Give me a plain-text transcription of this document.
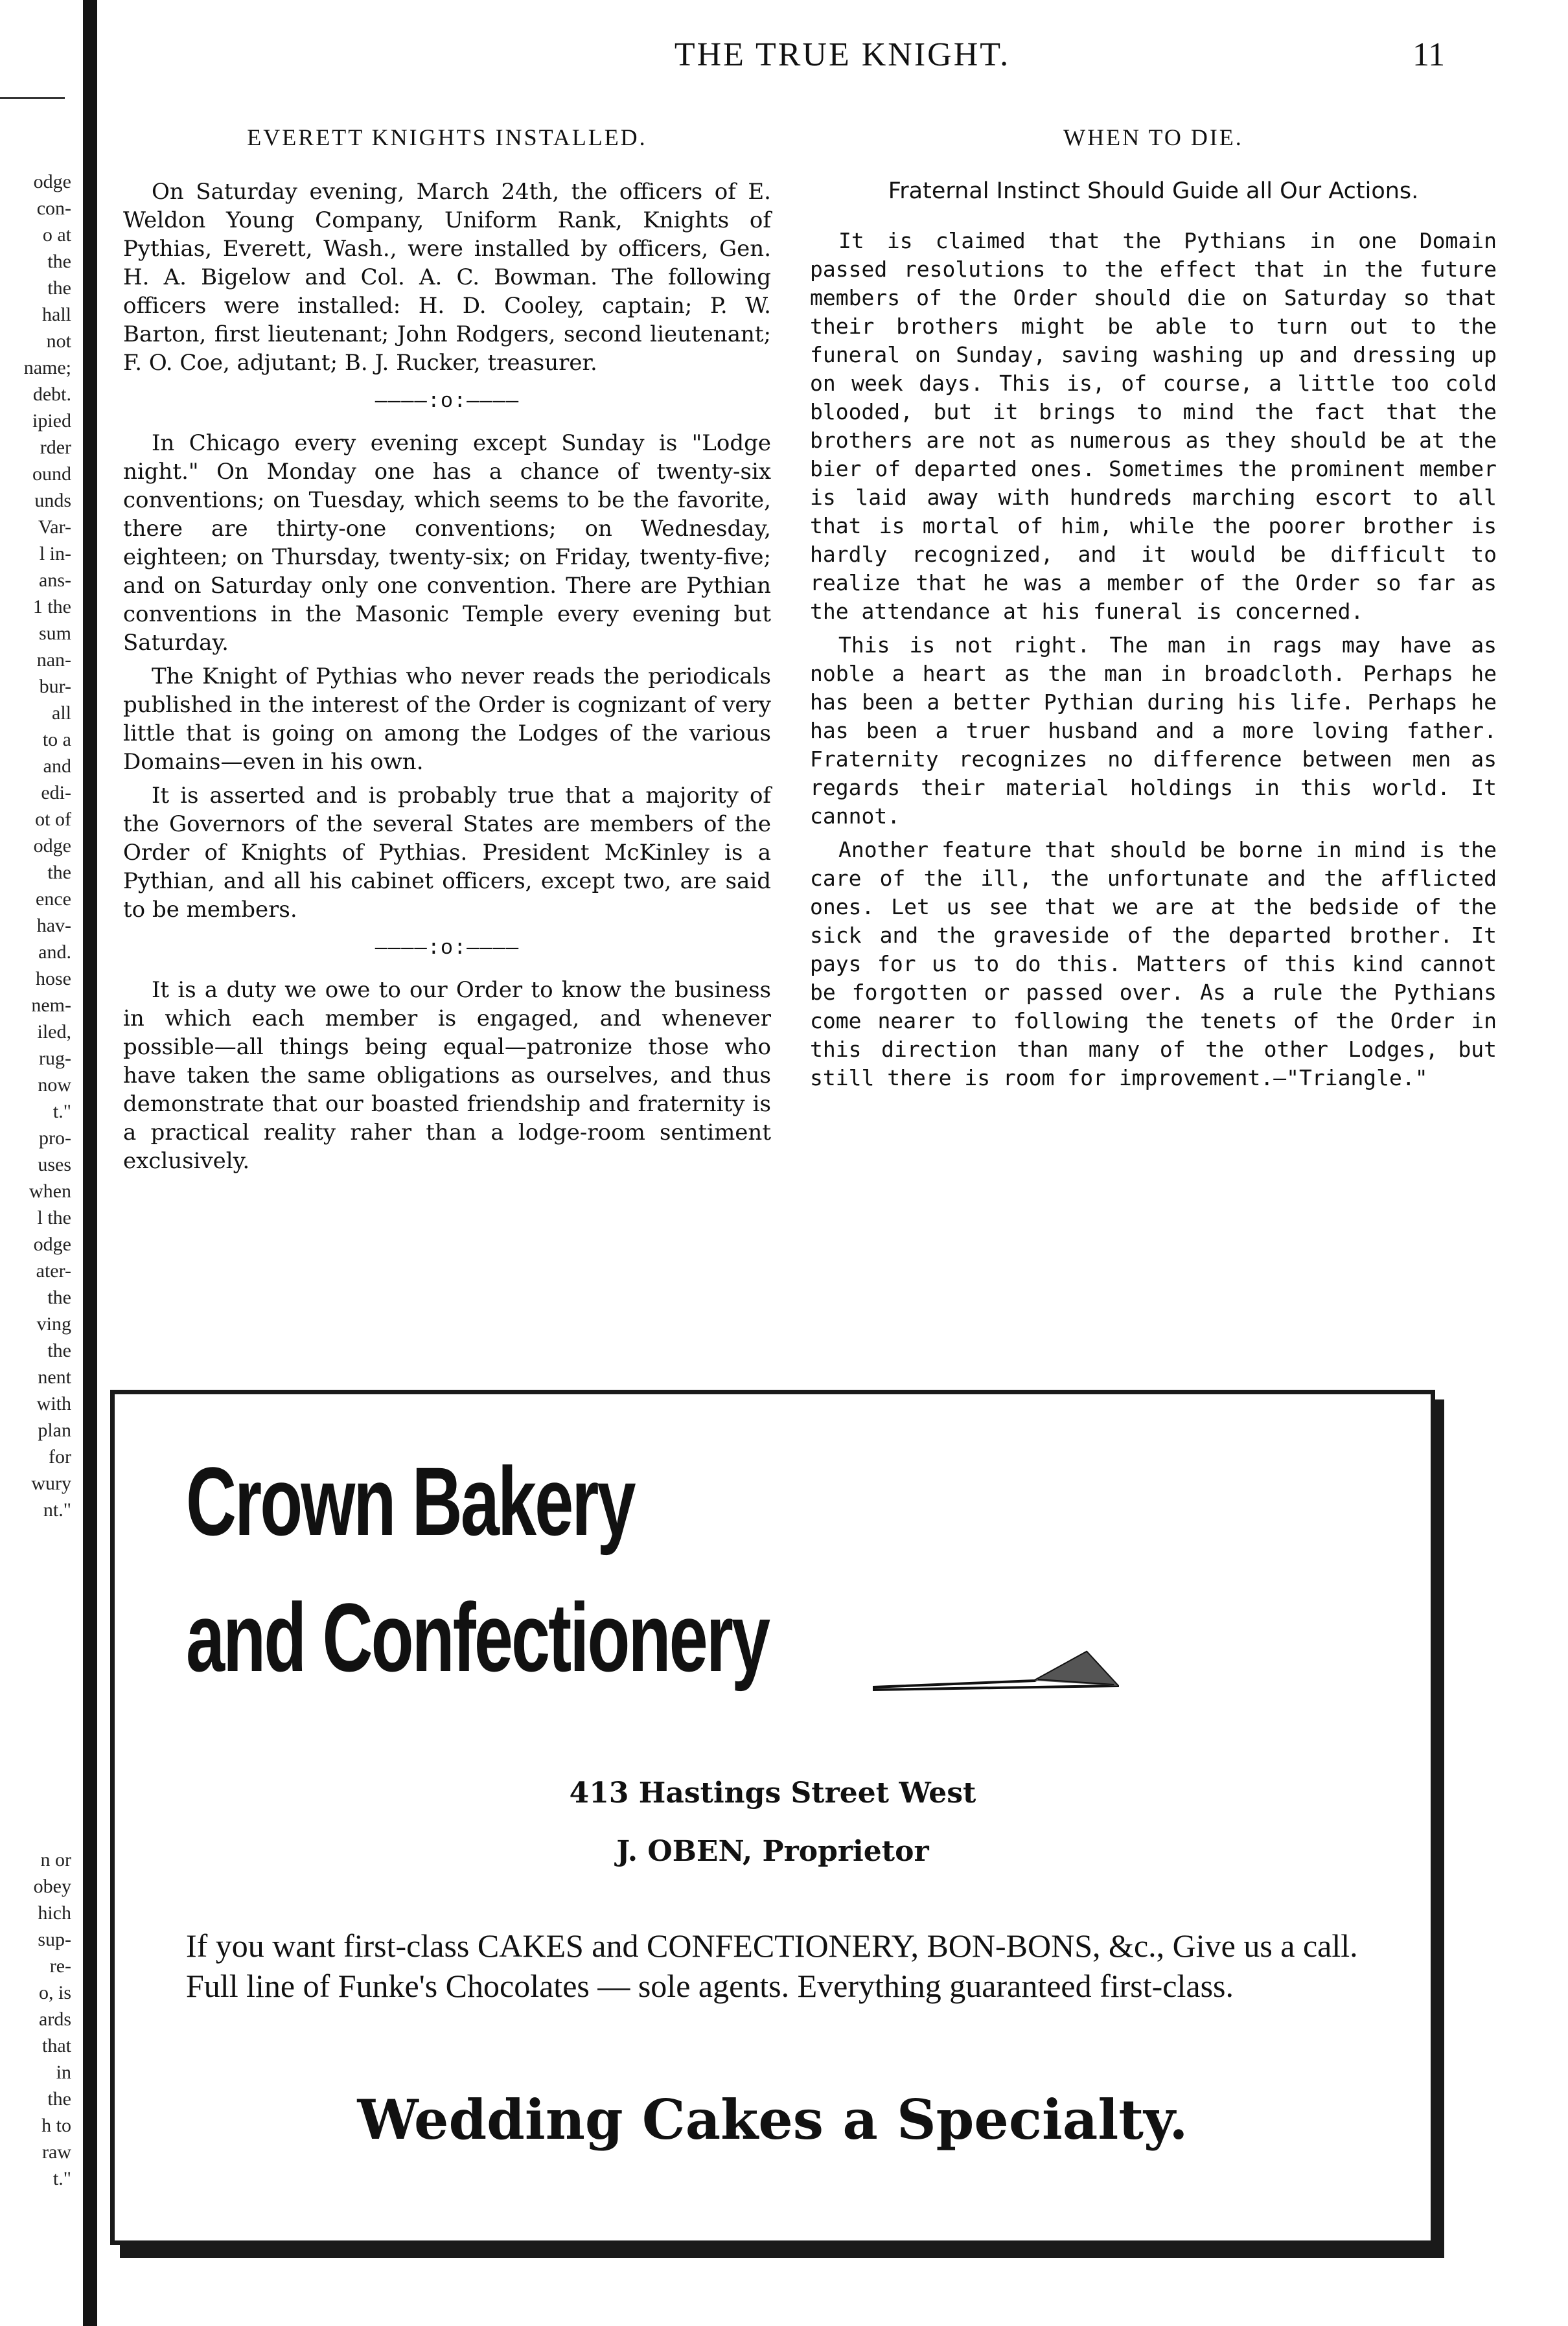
odge
con-
o at
the
the
hall
not
name;
debt.
ipied
rder
ound
unds
Var-
l in-
ans-
1 the
sum
nan-
bur-
all
to a
and
edi-
ot of
odge
the
ence
hav-
and.
hose
nem-
iled,
rug-
now
t."
pro-
uses
when
l the
odge
ater-
the
ving
the
nent
with
plan
for
wury
nt."
n or
obey
hich
sup-
re-
o, is
ards
that
in
the
h to
raw
t."
THE TRUE KNIGHT.	11
EVERETT KNIGHTS INSTALLED.

On Saturday evening, March 24th, the officers of E. Weldon Young Company, Uniform Rank, Knights of Pythias, Everett, Wash., were installed by officers, Gen. H. A. Bigelow and Col. A. C. Bowman. The following officers were installed: H. D. Cooley, captain; P. W. Barton, first lieutenant; John Rodgers, second lieutenant; F. O. Coe, adjutant; B. J. Rucker, treasurer.

————:o:————

In Chicago every evening except Sunday is "Lodge night." On Monday one has a chance of twenty-six conventions; on Tuesday, which seems to be the favorite, there are thirty-one conventions; on Wednesday, eighteen; on Thursday, twenty-six; on Friday, twenty-five; and on Saturday only one convention. There are Pythian conventions in the Masonic Temple every evening but Saturday.

The Knight of Pythias who never reads the periodicals published in the interest of the Order is cognizant of very little that is going on among the Lodges of the various Domains—even in his own.

It is asserted and is probably true that a majority of the Governors of the several States are members of the Order of Knights of Pythias. President McKinley is a Pythian, and all his cabinet officers, except two, are said to be members.

————:o:————

It is a duty we owe to our Order to know the business in which each member is engaged, and whenever possible—all things being equal—patronize those who have taken the same obligations as ourselves, and thus demonstrate that our boasted friendship and fraternity is a practical reality raher than a lodge-room sentiment exclusively.

WHEN TO DIE.
Fraternal Instinct Should Guide all Our Actions.

It is claimed that the Pythians in one Domain passed resolutions to the effect that in the future members of the Order should die on Saturday so that their brothers might be able to turn out to the funeral on Sunday, saving washing up and dressing up on week days. This is, of course, a little too cold blooded, but it brings to mind the fact that the brothers are not as numerous as they should be at the bier of departed ones. Sometimes the prominent member is laid away with hundreds marching escort to all that is mortal of him, while the poorer brother is hardly recognized, and it would be difficult to realize that he was a member of the Order so far as the attendance at his funeral is concerned.

This is not right. The man in rags may have as noble a heart as the man in broadcloth. Perhaps he has been a better Pythian during his life. Perhaps he has been a truer husband and a more loving father. Fraternity recognizes no difference between men as regards their material holdings in this world. It cannot.

Another feature that should be borne in mind is the care of the ill, the unfortunate and the afflicted ones. Let us see that we are at the bedside of the sick and the graveside of the departed brother. It pays for us to do this. Matters of this kind cannot be forgotten or passed over. As a rule the Pythians come nearer to following the tenets of the Order in this direction than many of the other Lodges, but still there is room for improvement.—"Triangle."

Crown Bakery
and Confectionery
413 Hastings Street West
J. OBEN, Proprietor
If you want first-class CAKES and CONFECTIONERY, BON-BONS, &c., Give us a call. Full line of Funke's Chocolates — sole agents. Everything guaranteed first-class.
Wedding Cakes a Specialty.
